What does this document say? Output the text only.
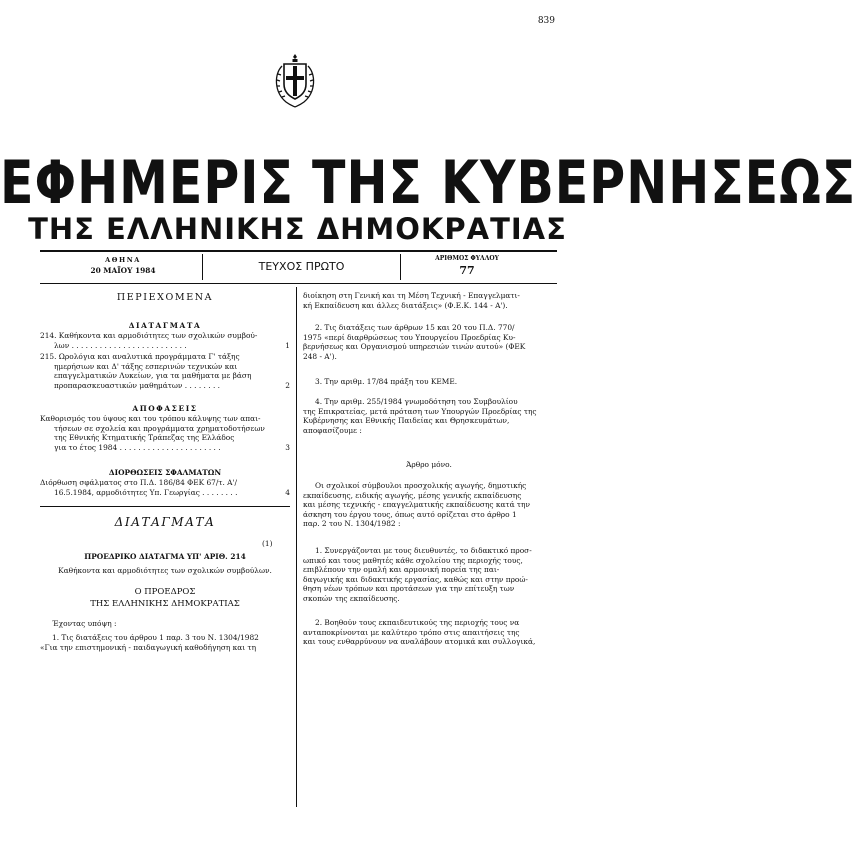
839
ΕΦΗΜΕΡΙΣ ΤΗΣ ΚΥΒΕΡΝΗΣΕΩΣ
ΤΗΣ ΕΛΛΗΝΙΚΗΣ ΔΗΜΟΚΡΑΤΙΑΣ
ΑΘΗΝΑ
20 ΜΑΪΟΥ 1984	ΤΕΥΧΟΣ ΠΡΩΤΟ
ΑΡΙΘΜΟΣ ΦΥΛΛΟΥ
77
ΠΕΡΙΕΧΟΜΕΝΑ
ΔΙΑΤΑΓΜΑΤΑ
214. Καθήκοντα και αρμοδιότητες των σχολικών συμβού-
λων . . . . . . . . . . . . . . . . . . . . . . . . .	1
215. Ωρολόγια και αναλυτικά προγράμματα Γ' τάξης
ημερήσιων και Δ' τάξης εσπερινών τεχνικών και
επαγγελματικών Λυκείων, για τα μαθήματα με βάση
προπαρασκευαστικών μαθημάτων . . . . . . . .	2
ΑΠΟΦΑΣΕΙΣ
Καθορισμός του ύψους και του τρόπου κάλυψης των απαι-
τήσεων σε σχολεία και προγράμματα χρηματοδοτήσεων
της Εθνικής Κτηματικής Τράπεζας της Ελλάδος
για το έτος 1984 . . . . . . . . . . . . . . . . . . . . . .	3
ΔΙΟΡΘΩΣΕΙΣ ΣΦΑΛΜΑΤΩΝ
Διόρθωση σφάλματος στο Π.Δ. 186/84 ΦΕΚ 67/τ. Α'/
16.5.1984, αρμοδιότητες Υπ. Γεωργίας . . . . . . . .	4
ΔΙΑΤΑΓΜΑΤΑ
(1)
ΠΡΟΕΔΡΙΚΟ ΔΙΑΤΑΓΜΑ ΥΠ' ΑΡΙΘ. 214
Καθήκοντα και αρμοδιότητες των σχολικών συμβούλων.
Ο ΠΡΟΕΔΡΟΣ
ΤΗΣ ΕΛΛΗΝΙΚΗΣ ΔΗΜΟΚΡΑΤΙΑΣ
Έχοντας υπόψη :
1. Τις διατάξεις του άρθρου 1 παρ. 3 του Ν. 1304/1982
«Για την επιστημονική - παιδαγωγική καθοδήγηση και τη
διοίκηση στη Γενική και τη Μέση Τεχνική - Επαγγελματι-
κή Εκπαίδευση και άλλες διατάξεις» (Φ.Ε.Κ. 144 - Α').
2. Τις διατάξεις των άρθρων 15 και 20 του Π.Δ. 770/
1975 «περί διαρθρώσεως του Υπουργείου Προεδρίας Κυ-
βερνήσεως και Οργανισμού υπηρεσιών τινών αυτού» (ΦΕΚ
248 - Α').
3. Την αριθμ. 17/84 πράξη του ΚΕΜΕ.
4. Την αριθμ. 255/1984 γνωμοδότηση του Συμβουλίου
της Επικρατείας, μετά πρόταση των Υπουργών Προεδρίας της
Κυβέρνησης και Εθνικής Παιδείας και Θρησκευμάτων,
αποφασίζουμε :
Άρθρο μόνο.
Οι σχολικοί σύμβουλοι προσχολικής αγωγής, δημοτικής
εκπαίδευσης, ειδικής αγωγής, μέσης γενικής εκπαίδευσης
και μέσης τεχνικής - επαγγελματικής εκπαίδευσης κατά την
άσκηση του έργου τους, όπως αυτό ορίζεται στο άρθρο 1
παρ. 2 του Ν. 1304/1982 :
1. Συνεργάζονται με τους διευθυντές, το διδακτικό προσ-
ωπικό και τους μαθητές κάθε σχολείου της περιοχής τους,
επιβλέπουν την ομαλή και αρμονική πορεία της παι-
δαγωγικής και διδακτικής εργασίας, καθώς και στην προώ-
θηση νέων τρόπων και προτάσεων για την επίτευξη των
σκοπών της εκπαίδευσης.
2. Βοηθούν τους εκπαιδευτικούς της περιοχής τους να
ανταποκρίνονται με καλύτερο τρόπο στις απαιτήσεις της
και τους ενθαρρύνουν να αναλάβουν ατομικά και συλλογικά,
